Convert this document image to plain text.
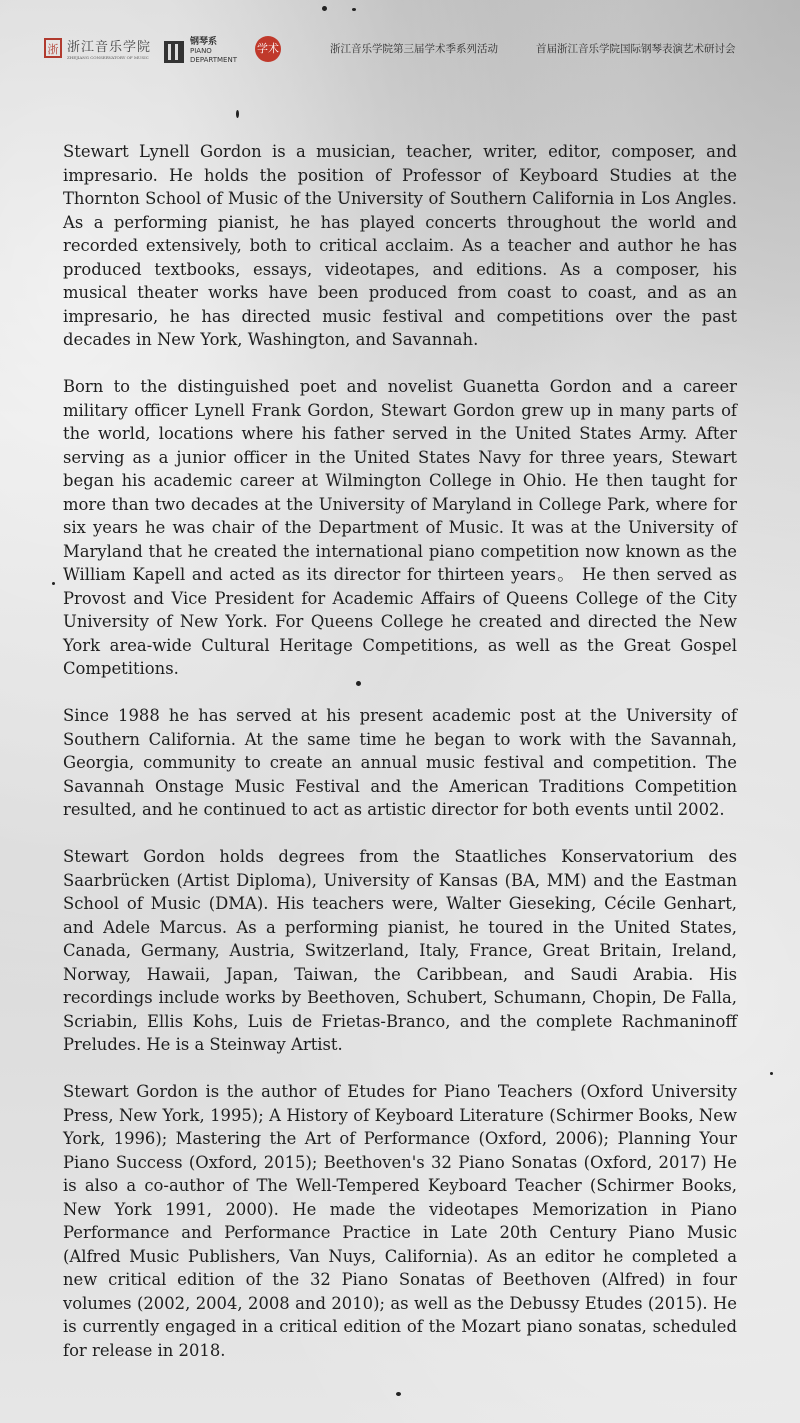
浙 浙江音乐学院
ZHEJIANG CONSERVATORY OF MUSIC
钢琴系
PIANO
DEPARTMENT
学术	浙江音乐学院第三届学术季系列活动	首届浙江音乐学院国际钢琴表演艺术研讨会

Stewart Lynell Gordon is a musician, teacher, writer, editor, composer, and impresario. He holds the position of Professor of Keyboard Studies at the Thornton School of Music of the University of Southern California in Los Angles. As a performing pianist, he has played concerts throughout the world and recorded extensively, both to critical acclaim. As a teacher and author he has produced textbooks, essays, videotapes, and editions. As a composer, his musical theater works have been produced from coast to coast, and as an impresario, he has directed music festival and competitions over the past decades in New York, Washington, and Savannah.

Born to the distinguished poet and novelist Guanetta Gordon and a career military officer Lynell Frank Gordon, Stewart Gordon grew up in many parts of the world, locations where his father served in the United States Army. After serving as a junior officer in the United States Navy for three years, Stewart began his academic career at Wilmington College in Ohio. He then taught for more than two decades at the University of Maryland in College Park, where for six years he was chair of the Department of Music. It was at the University of Maryland that he created the international piano competition now known as the William Kapell and acted as its director for thirteen years。 He then served as Provost and Vice President for Academic Affairs of Queens College of the City University of New York. For Queens College he created and directed the New York area-wide Cultural Heritage Competitions, as well as the Great Gospel Competitions.

Since 1988 he has served at his present academic post at the University of Southern California. At the same time he began to work with the Savannah, Georgia, community to create an annual music festival and competition. The Savannah Onstage Music Festival and the American Traditions Competition resulted, and he continued to act as artistic director for both events until 2002.

Stewart Gordon holds degrees from the Staatliches Konservatorium des Saarbrücken (Artist Diploma), University of Kansas (BA, MM) and the Eastman School of Music (DMA). His teachers were, Walter Gieseking, Cécile Genhart, and Adele Marcus. As a performing pianist, he toured in the United States, Canada, Germany, Austria, Switzerland, Italy, France, Great Britain, Ireland, Norway, Hawaii, Japan, Taiwan, the Caribbean, and Saudi Arabia. His recordings include works by Beethoven, Schubert, Schumann, Chopin, De Falla, Scriabin, Ellis Kohs, Luis de Frietas-Branco, and the complete Rachmaninoff Preludes. He is a Steinway Artist.

Stewart Gordon is the author of Etudes for Piano Teachers (Oxford University Press, New York, 1995); A History of Keyboard Literature (Schirmer Books, New York, 1996); Mastering the Art of Performance (Oxford, 2006); Planning Your Piano Success (Oxford, 2015); Beethoven's 32 Piano Sonatas (Oxford, 2017) He is also a co-author of The Well-Tempered Keyboard Teacher (Schirmer Books, New York 1991, 2000). He made the videotapes Memorization in Piano Performance and Performance Practice in Late 20th Century Piano Music (Alfred Music Publishers, Van Nuys, California). As an editor he completed a new critical edition of the 32 Piano Sonatas of Beethoven (Alfred) in four volumes (2002, 2004, 2008 and 2010); as well as the Debussy Etudes (2015). He is currently engaged in a critical edition of the Mozart piano sonatas, scheduled for release in 2018.
